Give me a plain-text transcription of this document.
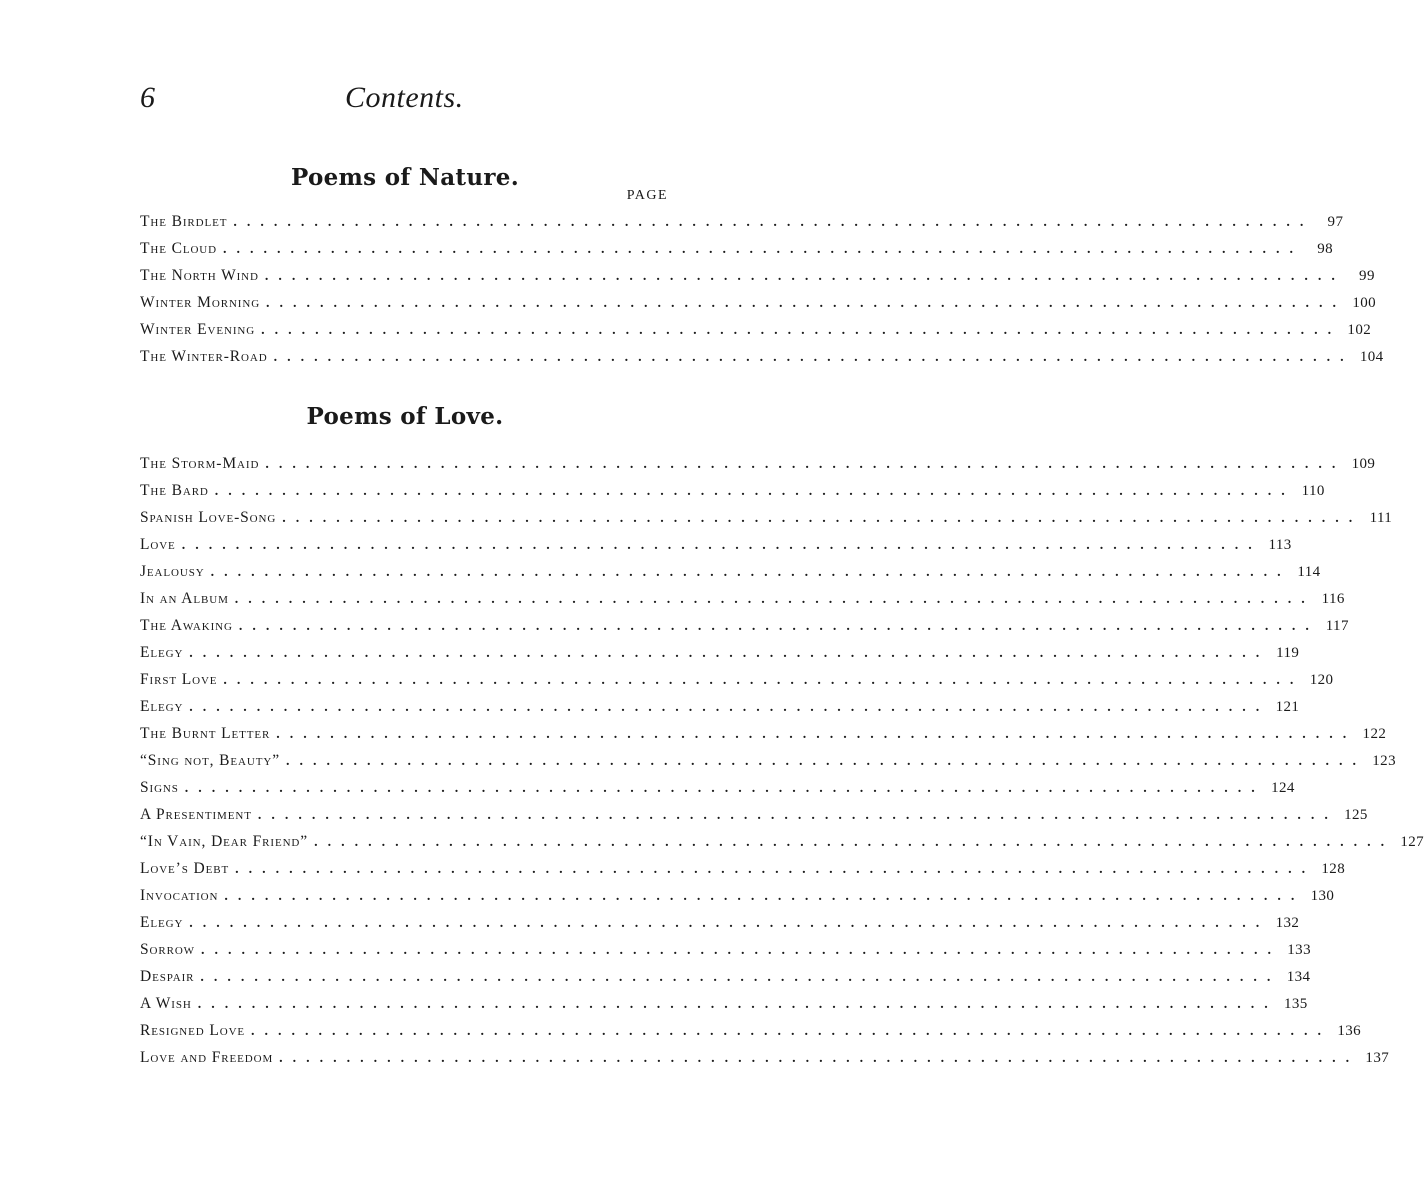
6	Contents.
Poems of Nature.
PAGE
The Birdlet ................................................................................ 97
The Cloud ................................................................................ 98
The North Wind ................................................................................ 99
Winter Morning ................................................................................ 100
Winter Evening ................................................................................ 102
The Winter-Road ................................................................................ 104
Poems of Love.
The Storm-Maid ................................................................................ 109
The Bard ................................................................................ 110
Spanish Love-Song ................................................................................ 111
Love ................................................................................ 113
Jealousy ................................................................................ 114
In an Album ................................................................................ 116
The Awaking ................................................................................ 117
Elegy ................................................................................ 119
First Love ................................................................................ 120
Elegy ................................................................................ 121
The Burnt Letter ................................................................................ 122
“Sing not, Beauty” ................................................................................ 123
Signs ................................................................................ 124
A Presentiment ................................................................................ 125
“In Vain, Dear Friend” ................................................................................ 127
Love’s Debt ................................................................................ 128
Invocation ................................................................................ 130
Elegy ................................................................................ 132
Sorrow ................................................................................ 133
Despair ................................................................................ 134
A Wish ................................................................................ 135
Resigned Love ................................................................................ 136
Love and Freedom ................................................................................ 137
